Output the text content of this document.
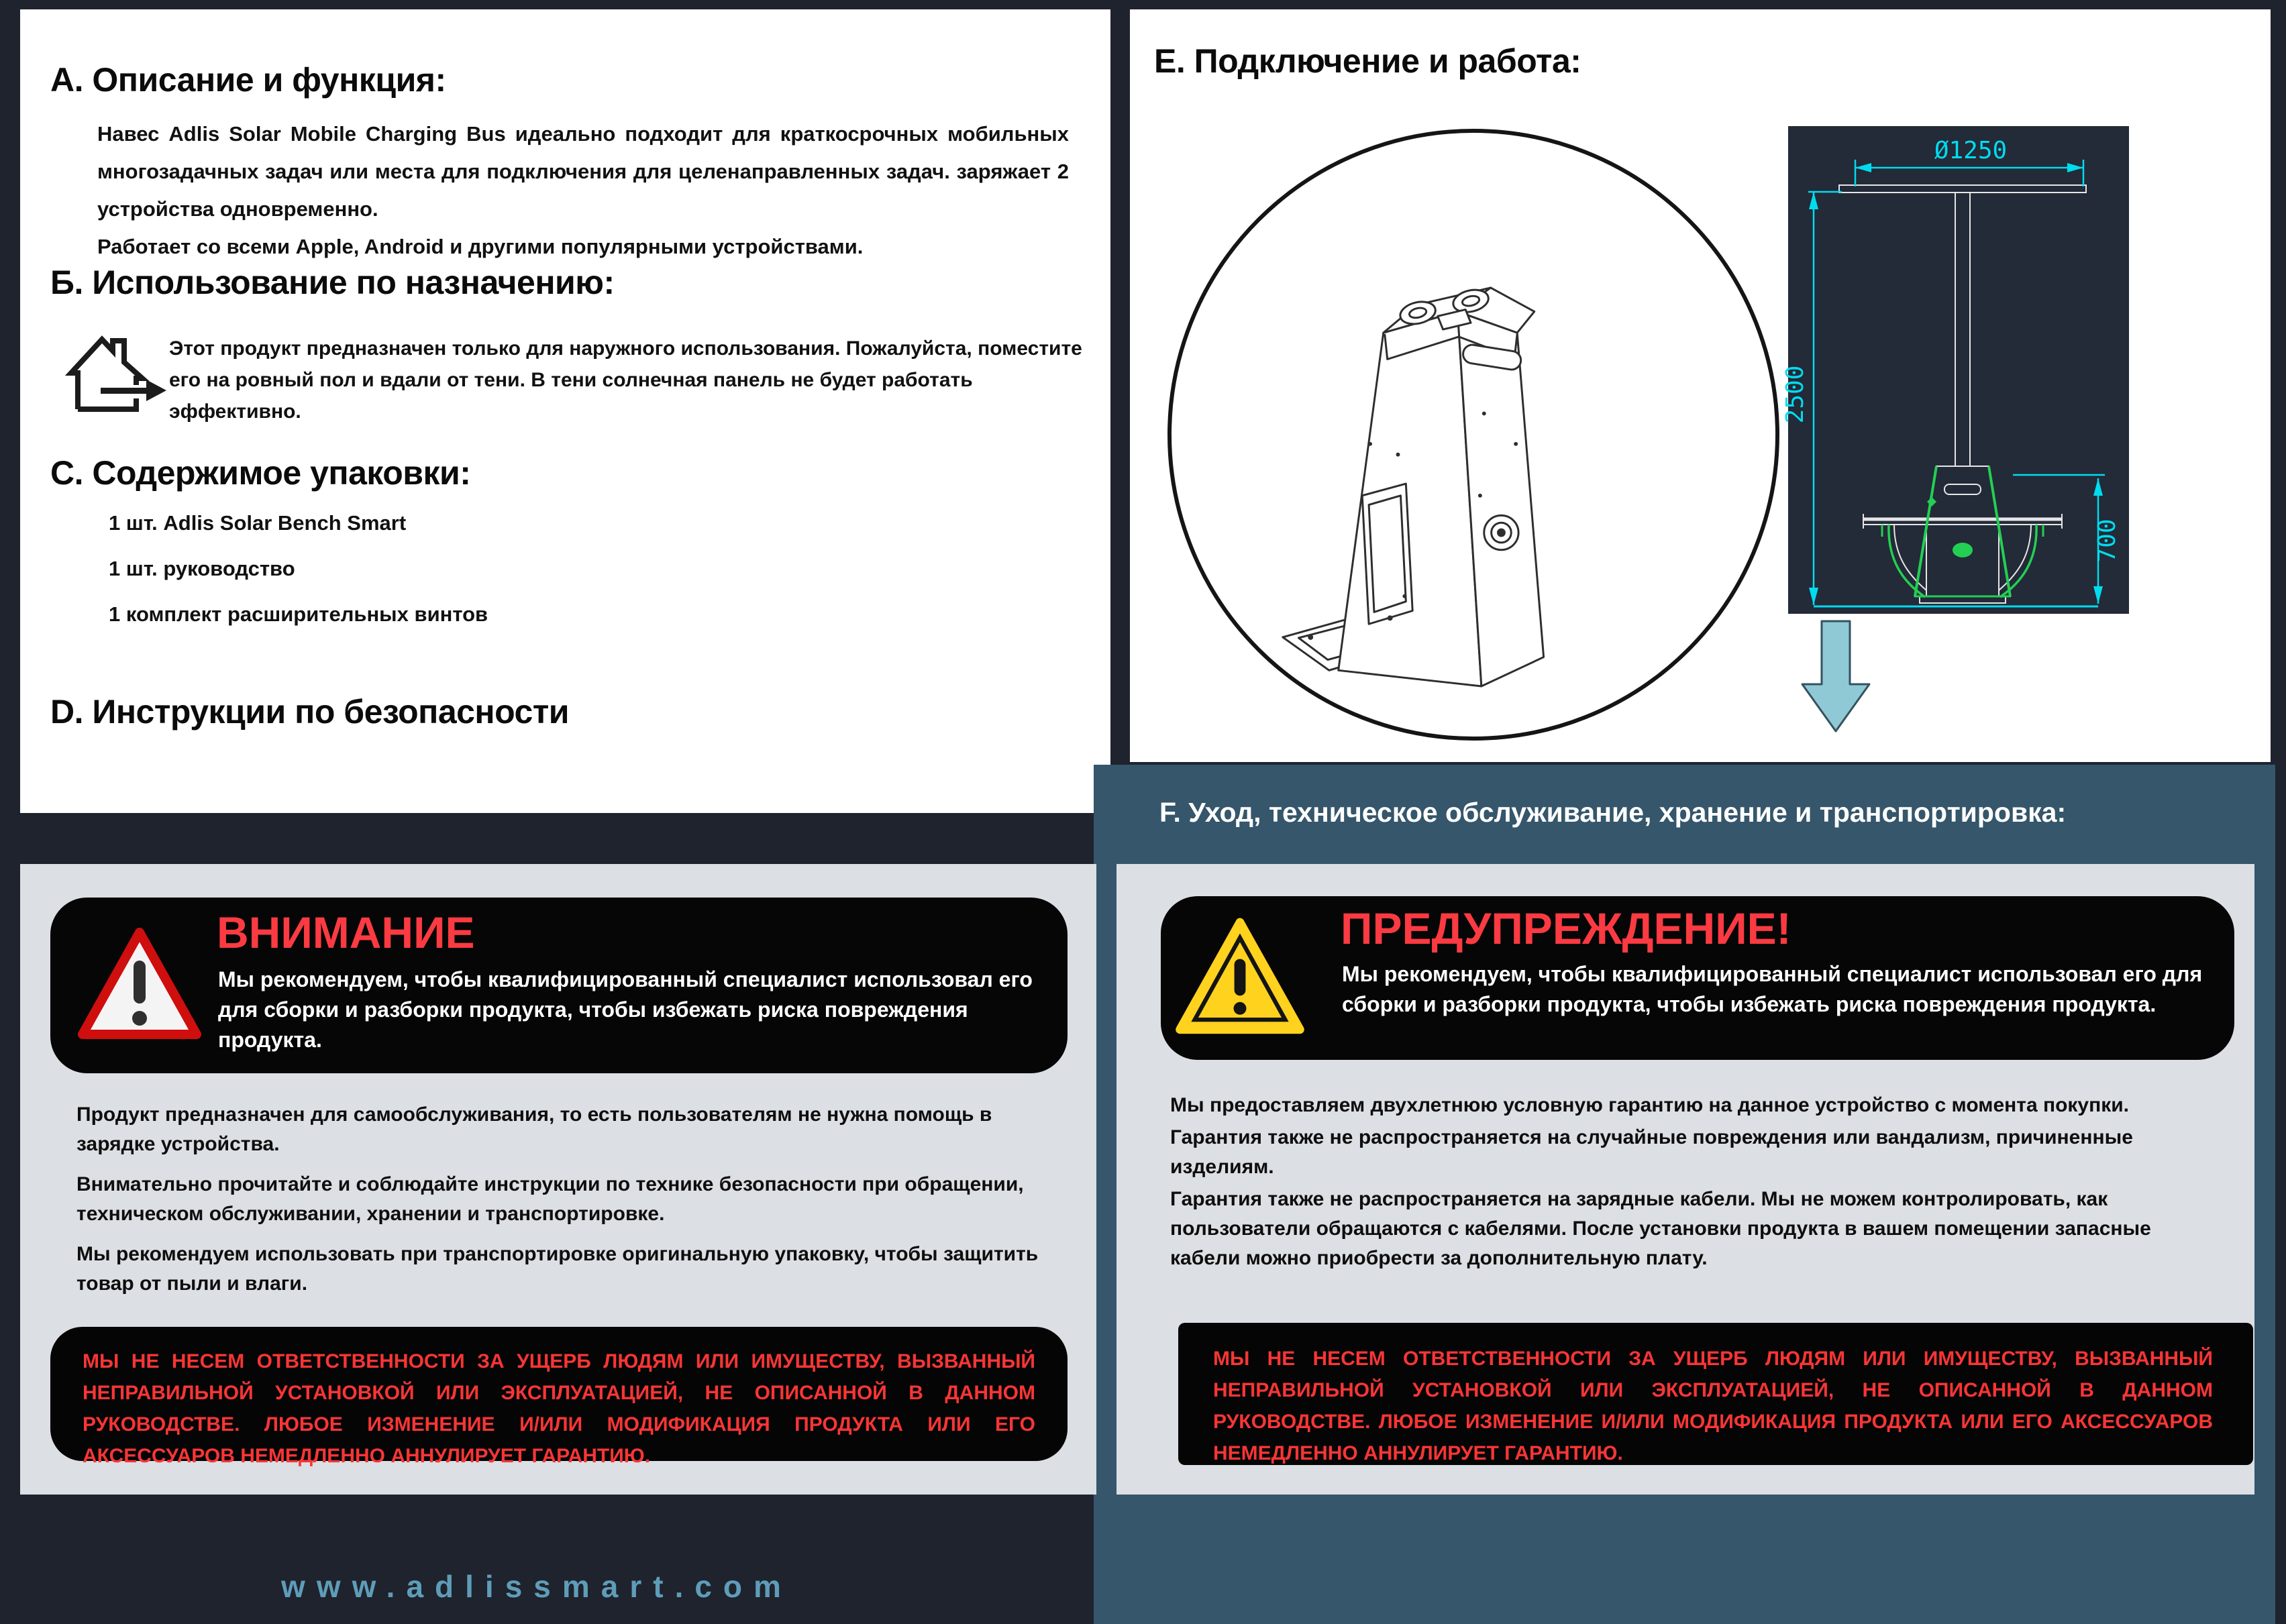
A. Описание и функция:
Навес Adlis Solar Mobile Charging Bus идеально подходит для краткосрочных мобильных многозадачных задач или места для подключения для целенаправленных задач. заряжает 2 устройства одновременно.
Работает со всеми Apple, Android и другими популярными устройствами.
Б. Использование по назначению:
Этот продукт предназначен только для наружного использования. Пожалуйста, поместите его на ровный пол и вдали от тени. В тени солнечная панель не будет работать эффективно.
C. Содержимое упаковки:
1 шт. Adlis Solar Bench Smart
1 шт. руководство
1 комплект расширительных винтов
D. Инструкции по безопасности
E. Подключение и работа:
Ø1250
2500
700
F. Уход, техническое обслуживание, хранение и транспортировка:
ВНИМАНИЕ
Мы рекомендуем, чтобы квалифицированный специалист использовал его для сборки и разборки продукта, чтобы избежать риска повреждения продукта.
Продукт предназначен для самообслуживания, то есть пользователям не нужна помощь в зарядке устройства.
Внимательно прочитайте и соблюдайте инструкции по технике безопасности при обращении, техническом обслуживании, хранении и транспортировке.
Мы рекомендуем использовать при транспортировке оригинальную упаковку, чтобы защитить товар от пыли и влаги.
МЫ НЕ НЕСЕМ ОТВЕТСТВЕННОСТИ ЗА УЩЕРБ ЛЮДЯМ ИЛИ ИМУЩЕСТВУ, ВЫЗВАННЫЙ НЕПРАВИЛЬНОЙ УСТАНОВКОЙ ИЛИ ЭКСПЛУАТАЦИЕЙ, НЕ ОПИСАННОЙ В ДАННОМ РУКОВОДСТВЕ. ЛЮБОЕ ИЗМЕНЕНИЕ И/ИЛИ МОДИФИКАЦИЯ ПРОДУКТА ИЛИ ЕГО АКСЕССУАРОВ НЕМЕДЛЕННО АННУЛИРУЕТ ГАРАНТИЮ.
ПРЕДУПРЕЖДЕНИЕ!
Мы рекомендуем, чтобы квалифицированный специалист использовал его для сборки и разборки продукта, чтобы избежать риска повреждения продукта.
Мы предоставляем двухлетнюю условную гарантию на данное устройство с момента покупки.
Гарантия также не распространяется на случайные повреждения или вандализм, причиненные изделиям.
Гарантия также не распространяется на зарядные кабели. Мы не можем контролировать, как пользователи обращаются с кабелями. После установки продукта в вашем помещении запасные кабели можно приобрести за дополнительную плату.
МЫ НЕ НЕСЕМ ОТВЕТСТВЕННОСТИ ЗА УЩЕРБ ЛЮДЯМ ИЛИ ИМУЩЕСТВУ, ВЫЗВАННЫЙ НЕПРАВИЛЬНОЙ УСТАНОВКОЙ ИЛИ ЭКСПЛУАТАЦИЕЙ, НЕ ОПИСАННОЙ В ДАННОМ РУКОВОДСТВЕ. ЛЮБОЕ ИЗМЕНЕНИЕ И/ИЛИ МОДИФИКАЦИЯ ПРОДУКТА ИЛИ ЕГО АКСЕССУАРОВ НЕМЕДЛЕННО АННУЛИРУЕТ ГАРАНТИЮ.
www.adlissmart.com
